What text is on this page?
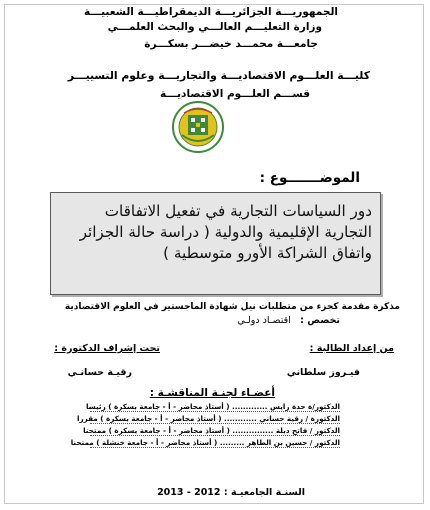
الجمهوريـــة الجزائريـــة الديمقراطيـــة الشعبيـــة
وزارة التعليـــم العالـــي والبحث العلمـــي
جامعـــة محمـــد خيضـــر بسكـــرة
كليـــة العلـــوم الاقتصاديـــة والتجاريـــة وعلوم التسييـــر
قســـم العلـــوم الاقتصاديـــة
الموضـــــــوع :
دور السياسات التجارية في تفعيل الاتفاقات التجارية الإقليمية والدولية ( دراسة حالة الجزائر واتفاق الشراكة الأورو متوسطية )
مذكرة مقدمة كجزء من متطلبات نيل شهادة الماجستير في العلوم الاقتصادية
تخصص : اقتصـاد دولـي
من إعداد الطالبة :
تحت إشراف الدكتورة :
فيـروز سلطاني
رقيـة حسانـي
أعضـاء لجنـة المناقشـة :
الدكتور/ة حدة رايس ............. ( أستاذ محاضر - أ - جامعة بسكرة ) رئيسا
الدكتورة / رقية حساني ............ ( أستاذ محاضر - أ - جامعة بسكرة ) مقررا
الدكتور / فاتح دبلة ............... ( أستاذ محاضر - أ - جامعة بسكرة ) ممتحنا
الدكتور / حسين بن الطاهر ......... ( أستاذ محاضر - أ - جامعة خنشلة ) ممتحنا
السنـة الجامعيـة : 2012 - 2013
